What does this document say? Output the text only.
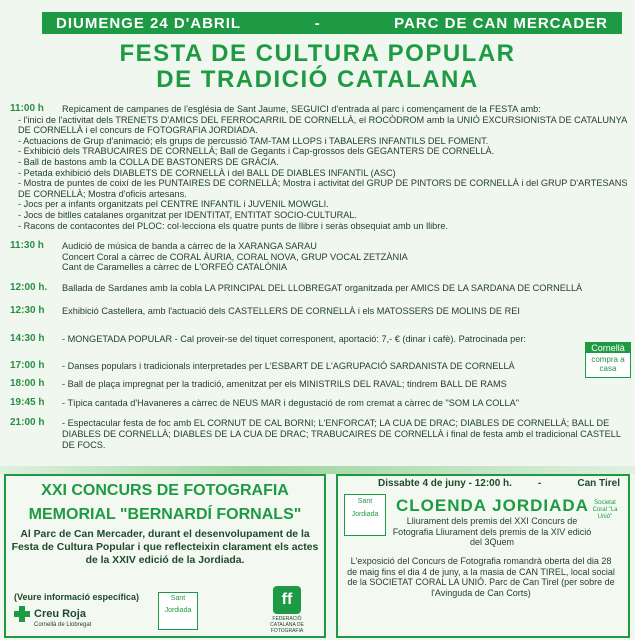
DIUMENGE 24 D'ABRIL	-	PARC DE CAN MERCADER
FESTA DE CULTURA POPULAR
DE TRADICIÓ CATALANA
11:00 h	Repicament de campanes de l'església de Sant Jaume, SEGUICI d'entrada al parc i començament de la FESTA amb:
- l'inici de l'activitat dels TRENETS D'AMICS DEL FERROCARRIL DE CORNELLÀ, el ROCÒDROM amb la UNIÓ EXCURSIONISTA DE CATALUNYA DE CORNELLÀ i el concurs de FOTOGRAFIA JORDIADA.
- Actuacions de Grup d'animació; els grups de percussió TAM-TAM LLOPS i TABALERS INFANTILS DEL FOMENT.
- Exhibició dels TRABUCAIRES DE CORNELLÀ; Ball de Gegants i Cap-grossos dels GEGANTERS DE CORNELLÀ.
- Ball de bastons amb la COLLA DE BASTONERS DE GRÀCIA.
- Petada exhibició dels DIABLETS DE CORNELLÀ i del BALL DE DIABLES INFANTIL (ASC)
- Mostra de puntes de coixí de les PUNTAIRES DE CORNELLÀ; Mostra i activitat del GRUP DE PINTORS DE CORNELLÀ i del GRUP D'ARTESANS DE CORNELLÀ; Mostra d'oficis artesans.
- Jocs per a infants organitzats pel CENTRE INFANTIL i JUVENIL MOWGLI.
- Jocs de bitlles catalanes organitzat per IDENTITAT, ENTITAT SOCIO-CULTURAL.
- Racons de contacontes del PLOC: col·lecciona els quatre punts de llibre i seràs obsequiat amb un llibre.
11:30 h	Audició de música de banda a càrrec de la XARANGA SARAU
Concert Coral a càrrec de CORAL ÀURIA, CORAL NOVA, GRUP VOCAL ZETZÀNIA
Cant de Caramelles a càrrec de L'ORFEÓ CATALÒNIA
12:00 h.	Ballada de Sardanes amb la cobla LA PRINCIPAL DEL LLOBREGAT organitzada per AMICS DE LA SARDANA DE CORNELLÀ
12:30 h	Exhibició Castellera, amb l'actuació dels CASTELLERS DE CORNELLÀ i els MATOSSERS DE MOLINS DE REI
14:30 h	- MONGETADA POPULAR - Cal proveir-se del tiquet corresponent, aportació: 7,- € (dinar i cafè). Patrocinada per:
17:00 h	- Danses populars i tradicionals interpretades per L'ESBART DE L'AGRUPACIÓ SARDANISTA DE CORNELLÀ
18:00 h	- Ball de plaça impregnat per la tradició, amenitzat per els MINISTRILS DEL RAVAL; tindrem BALL DE RAMS
19:45 h	- Típica cantada d'Havaneres a càrrec de NEUS MAR i degustació de rom cremat a càrrec de "SOM LA COLLA"
21:00 h	- Espectacular festa de foc amb EL CORNUT DE CAL BORNI; L'ENFORCAT; LA CUA DE DRAC; DIABLES DE CORNELLÀ; BALL DE DIABLES DE CORNELLÀ; DIABLES DE LA CUA DE DRAC; TRABUCAIRES DE CORNELLÀ i final de festa amb el tradicional CASTELL DE FOCS.
Cornellà
compra a casa
XXI CONCURS DE FOTOGRAFIA
MEMORIAL "BERNARDÍ FORNALS"
Al Parc de Can Mercader, durant el desenvolupament de la Festa de Cultura Popular i que reflecteixin clarament els actes de la XXIV edició de la Jordiada.
(Veure informació específica)
Creu Roja
Cornellà de Llobregat
Sant Jordiada
ff
FEDERACIÓ CATALANA DE FOTOGRAFIA
Dissabte 4 de juny - 12:00 h.	-	Can Tirel
Sant Jordiada	CLOENDA JORDIADA
Lliurament dels premis del XXI Concurs de Fotografia Lliurament dels premis de la XIV edició del 3Quem
Societat Coral "La Unió"
L'exposició del Concurs de Fotografia romandrà oberta del dia 28 de maig fins el dia 4 de juny, a la masia de CAN TIREL, local social de la SOCIETAT CORAL LA UNIÓ. Parc de Can Tirel (per sobre de l'Avinguda de Can Corts)
